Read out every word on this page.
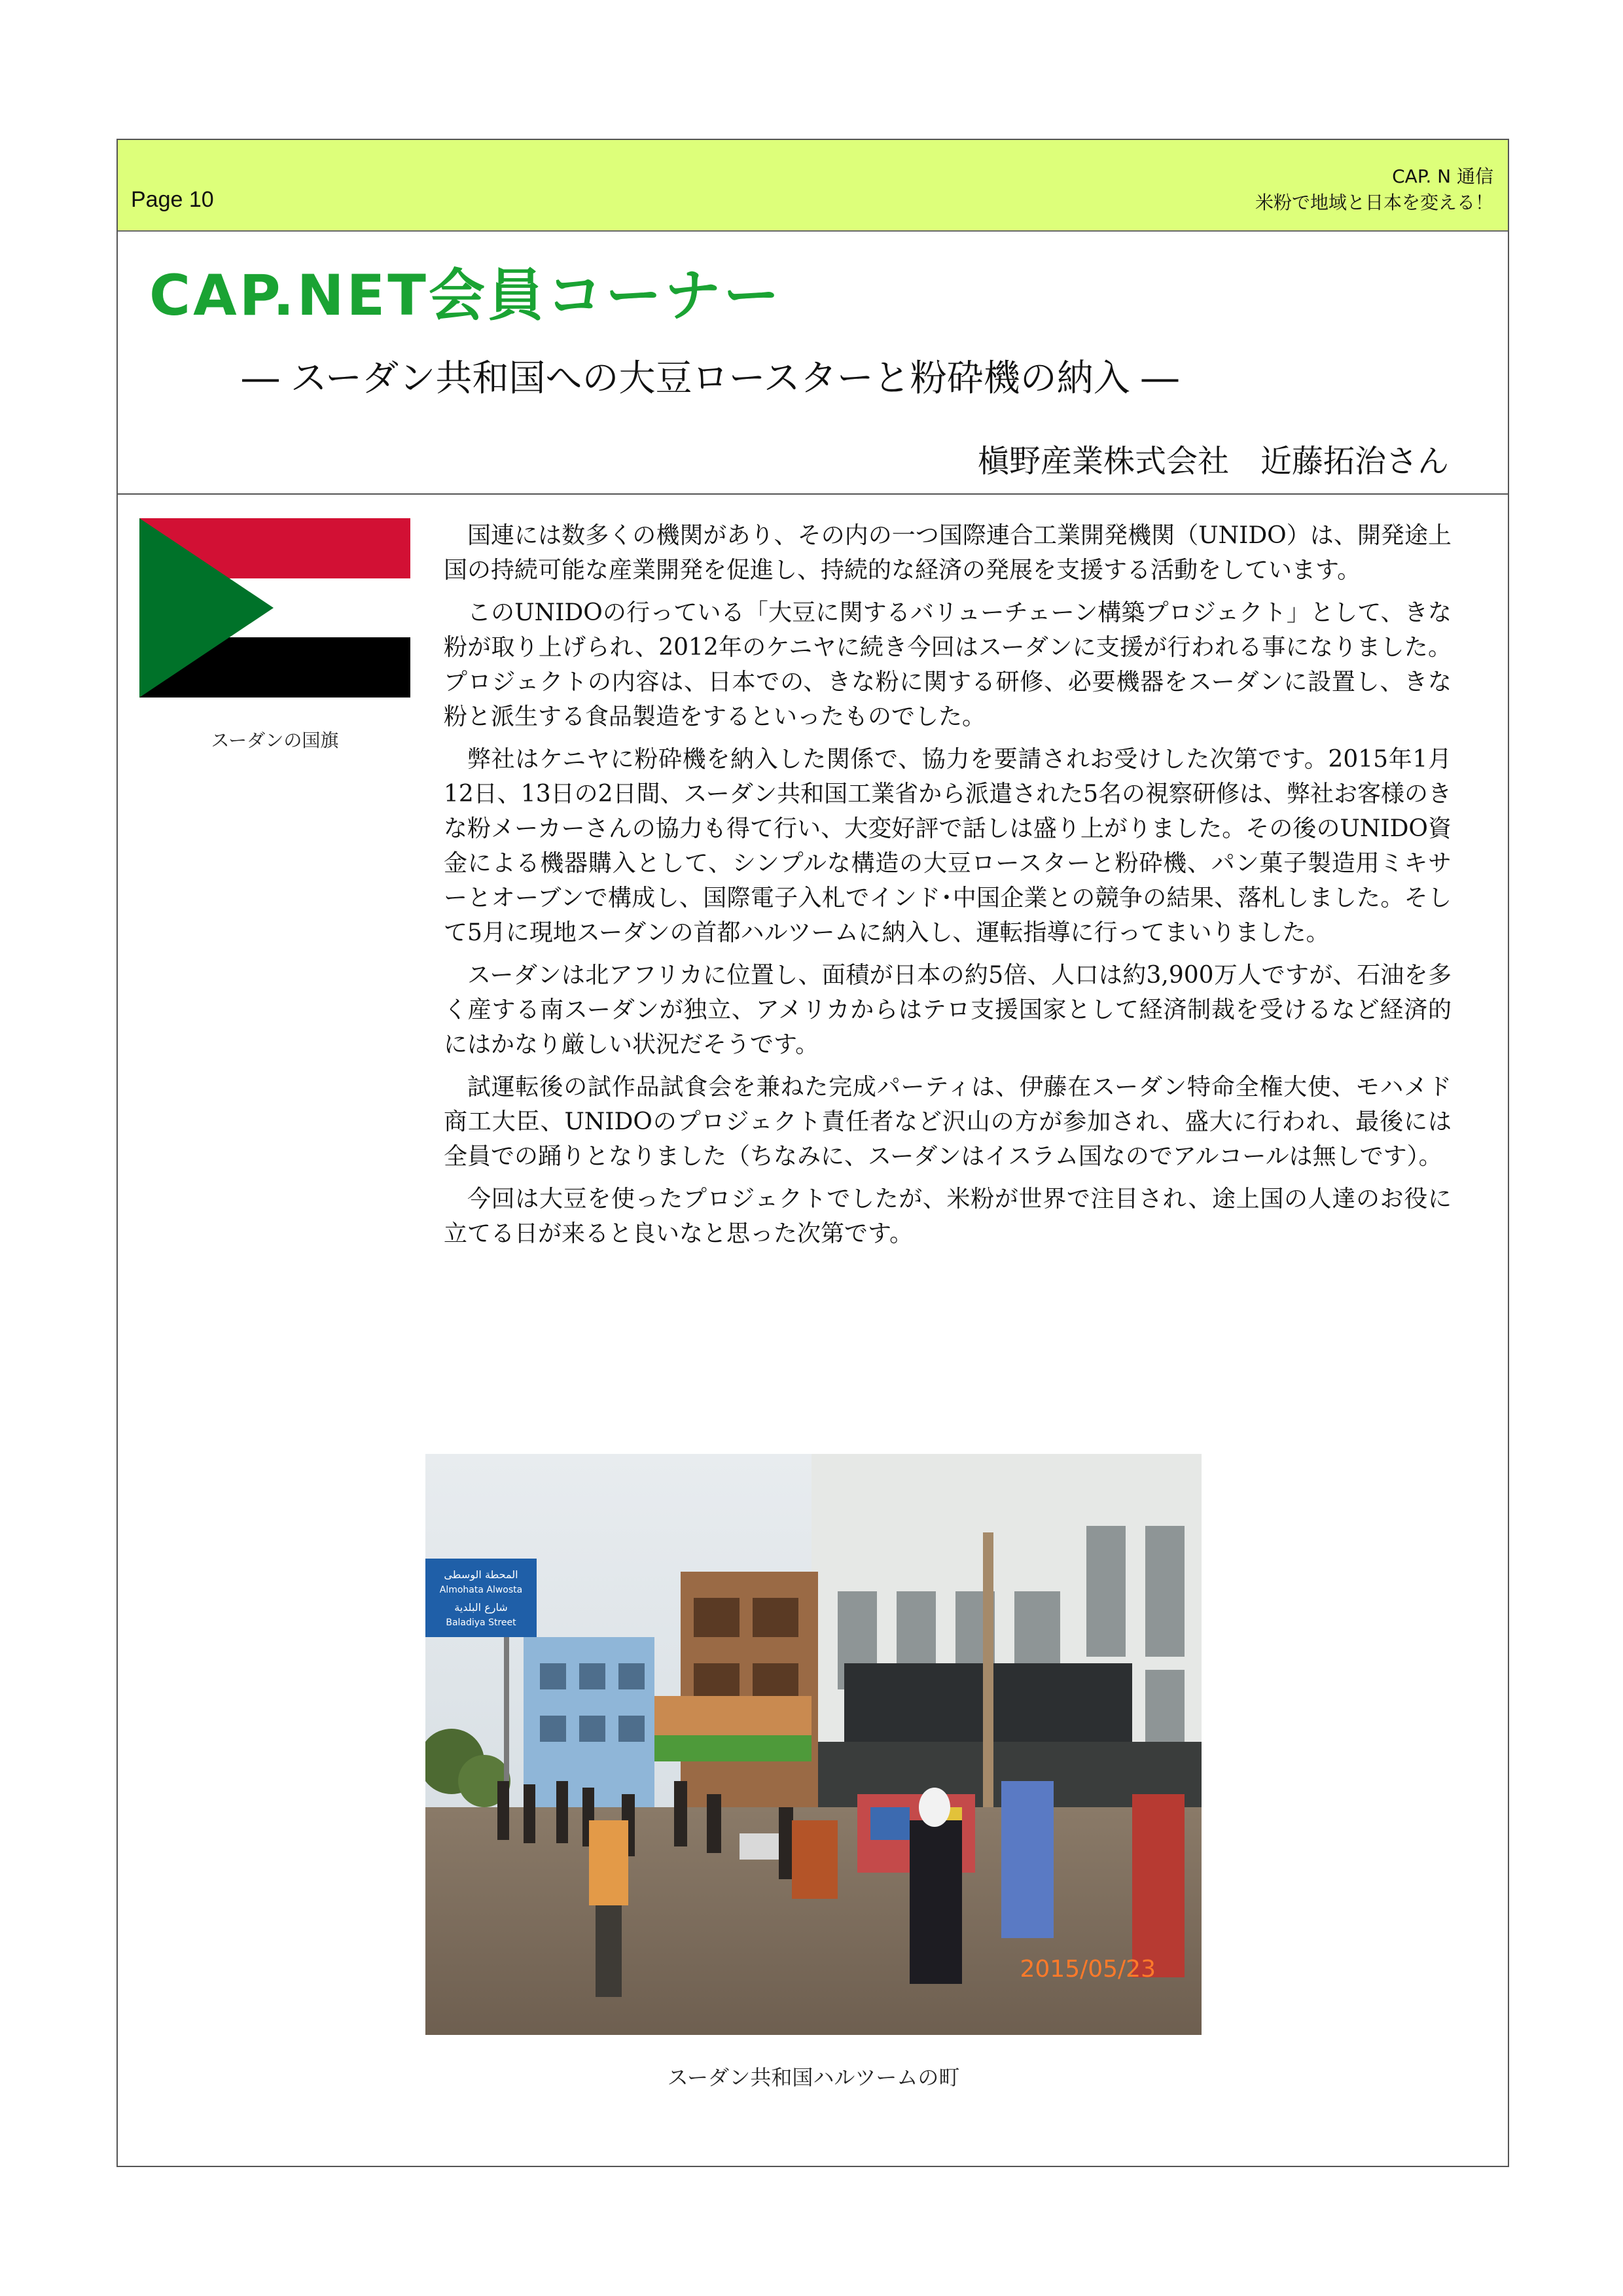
Page 10
CAP. N 通信
米粉で地域と日本を変える！
CAP.NET会員コーナー
― スーダン共和国への大豆ロースターと粉砕機の納入 ―
槇野産業株式会社　近藤拓治さん
スーダンの国旗

国連には数多くの機関があり、その内の一つ国際連合工業開発機関（UNIDO）は、開発途上国の持続可能な産業開発を促進し、持続的な経済の発展を支援する活動をしています。

このUNIDOの行っている「大豆に関するバリューチェーン構築プロジェクト」として、きな粉が取り上げられ、2012年のケニヤに続き今回はスーダンに支援が行われる事になりました。プロジェクトの内容は、日本での、きな粉に関する研修、必要機器をスーダンに設置し、きな粉と派生する食品製造をするといったものでした。

弊社はケニヤに粉砕機を納入した関係で、協力を要請されお受けした次第です。2015年1月12日、13日の2日間、スーダン共和国工業省から派遣された5名の視察研修は、弊社お客様のきな粉メーカーさんの協力も得て行い、大変好評で話しは盛り上がりました。その後のUNIDO資金による機器購入として、シンプルな構造の大豆ロースターと粉砕機、パン菓子製造用ミキサーとオーブンで構成し、国際電子入札でインド･中国企業との競争の結果、落札しました。そして5月に現地スーダンの首都ハルツームに納入し、運転指導に行ってまいりました。

スーダンは北アフリカに位置し、面積が日本の約5倍、人口は約3,900万人ですが、石油を多く産する南スーダンが独立、アメリカからはテロ支援国家として経済制裁を受けるなど経済的にはかなり厳しい状況だそうです。

試運転後の試作品試食会を兼ねた完成パーティは、伊藤在スーダン特命全権大使、モハメド商工大臣、UNIDOのプロジェクト責任者など沢山の方が参加され、盛大に行われ、最後には全員での踊りとなりました（ちなみに、スーダンはイスラム国なのでアルコールは無しです）。

今回は大豆を使ったプロジェクトでしたが、米粉が世界で注目され、途上国の人達のお役に立てる日が来ると良いなと思った次第です。

المحطة الوسطى
Almohata Alwosta
شارع البلدية
Baladiya Street
2015/05/23
スーダン共和国ハルツームの町
